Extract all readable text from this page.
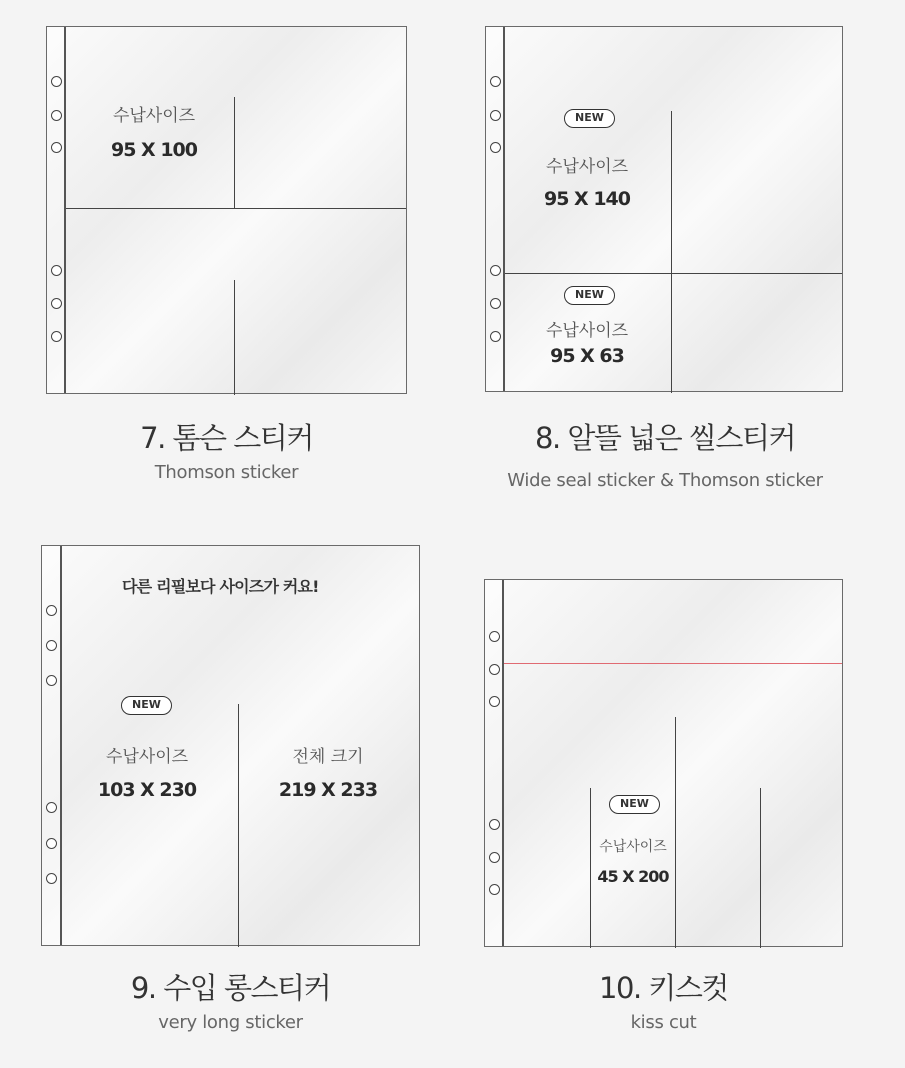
수납사이즈
95 X 100
7. 톰슨 스티커
Thomson sticker
NEW
수납사이즈
95 X 140
NEW
수납사이즈
95 X 63
8. 알뜰 넓은 씰스티커
Wide seal sticker & Thomson sticker
다른 리필보다 사이즈가 커요!
NEW
수납사이즈
103 X 230
전체 크기
219 X 233
9. 수입 롱스티커
very long sticker
NEW
수납사이즈
45 X 200
10. 키스컷
kiss cut
